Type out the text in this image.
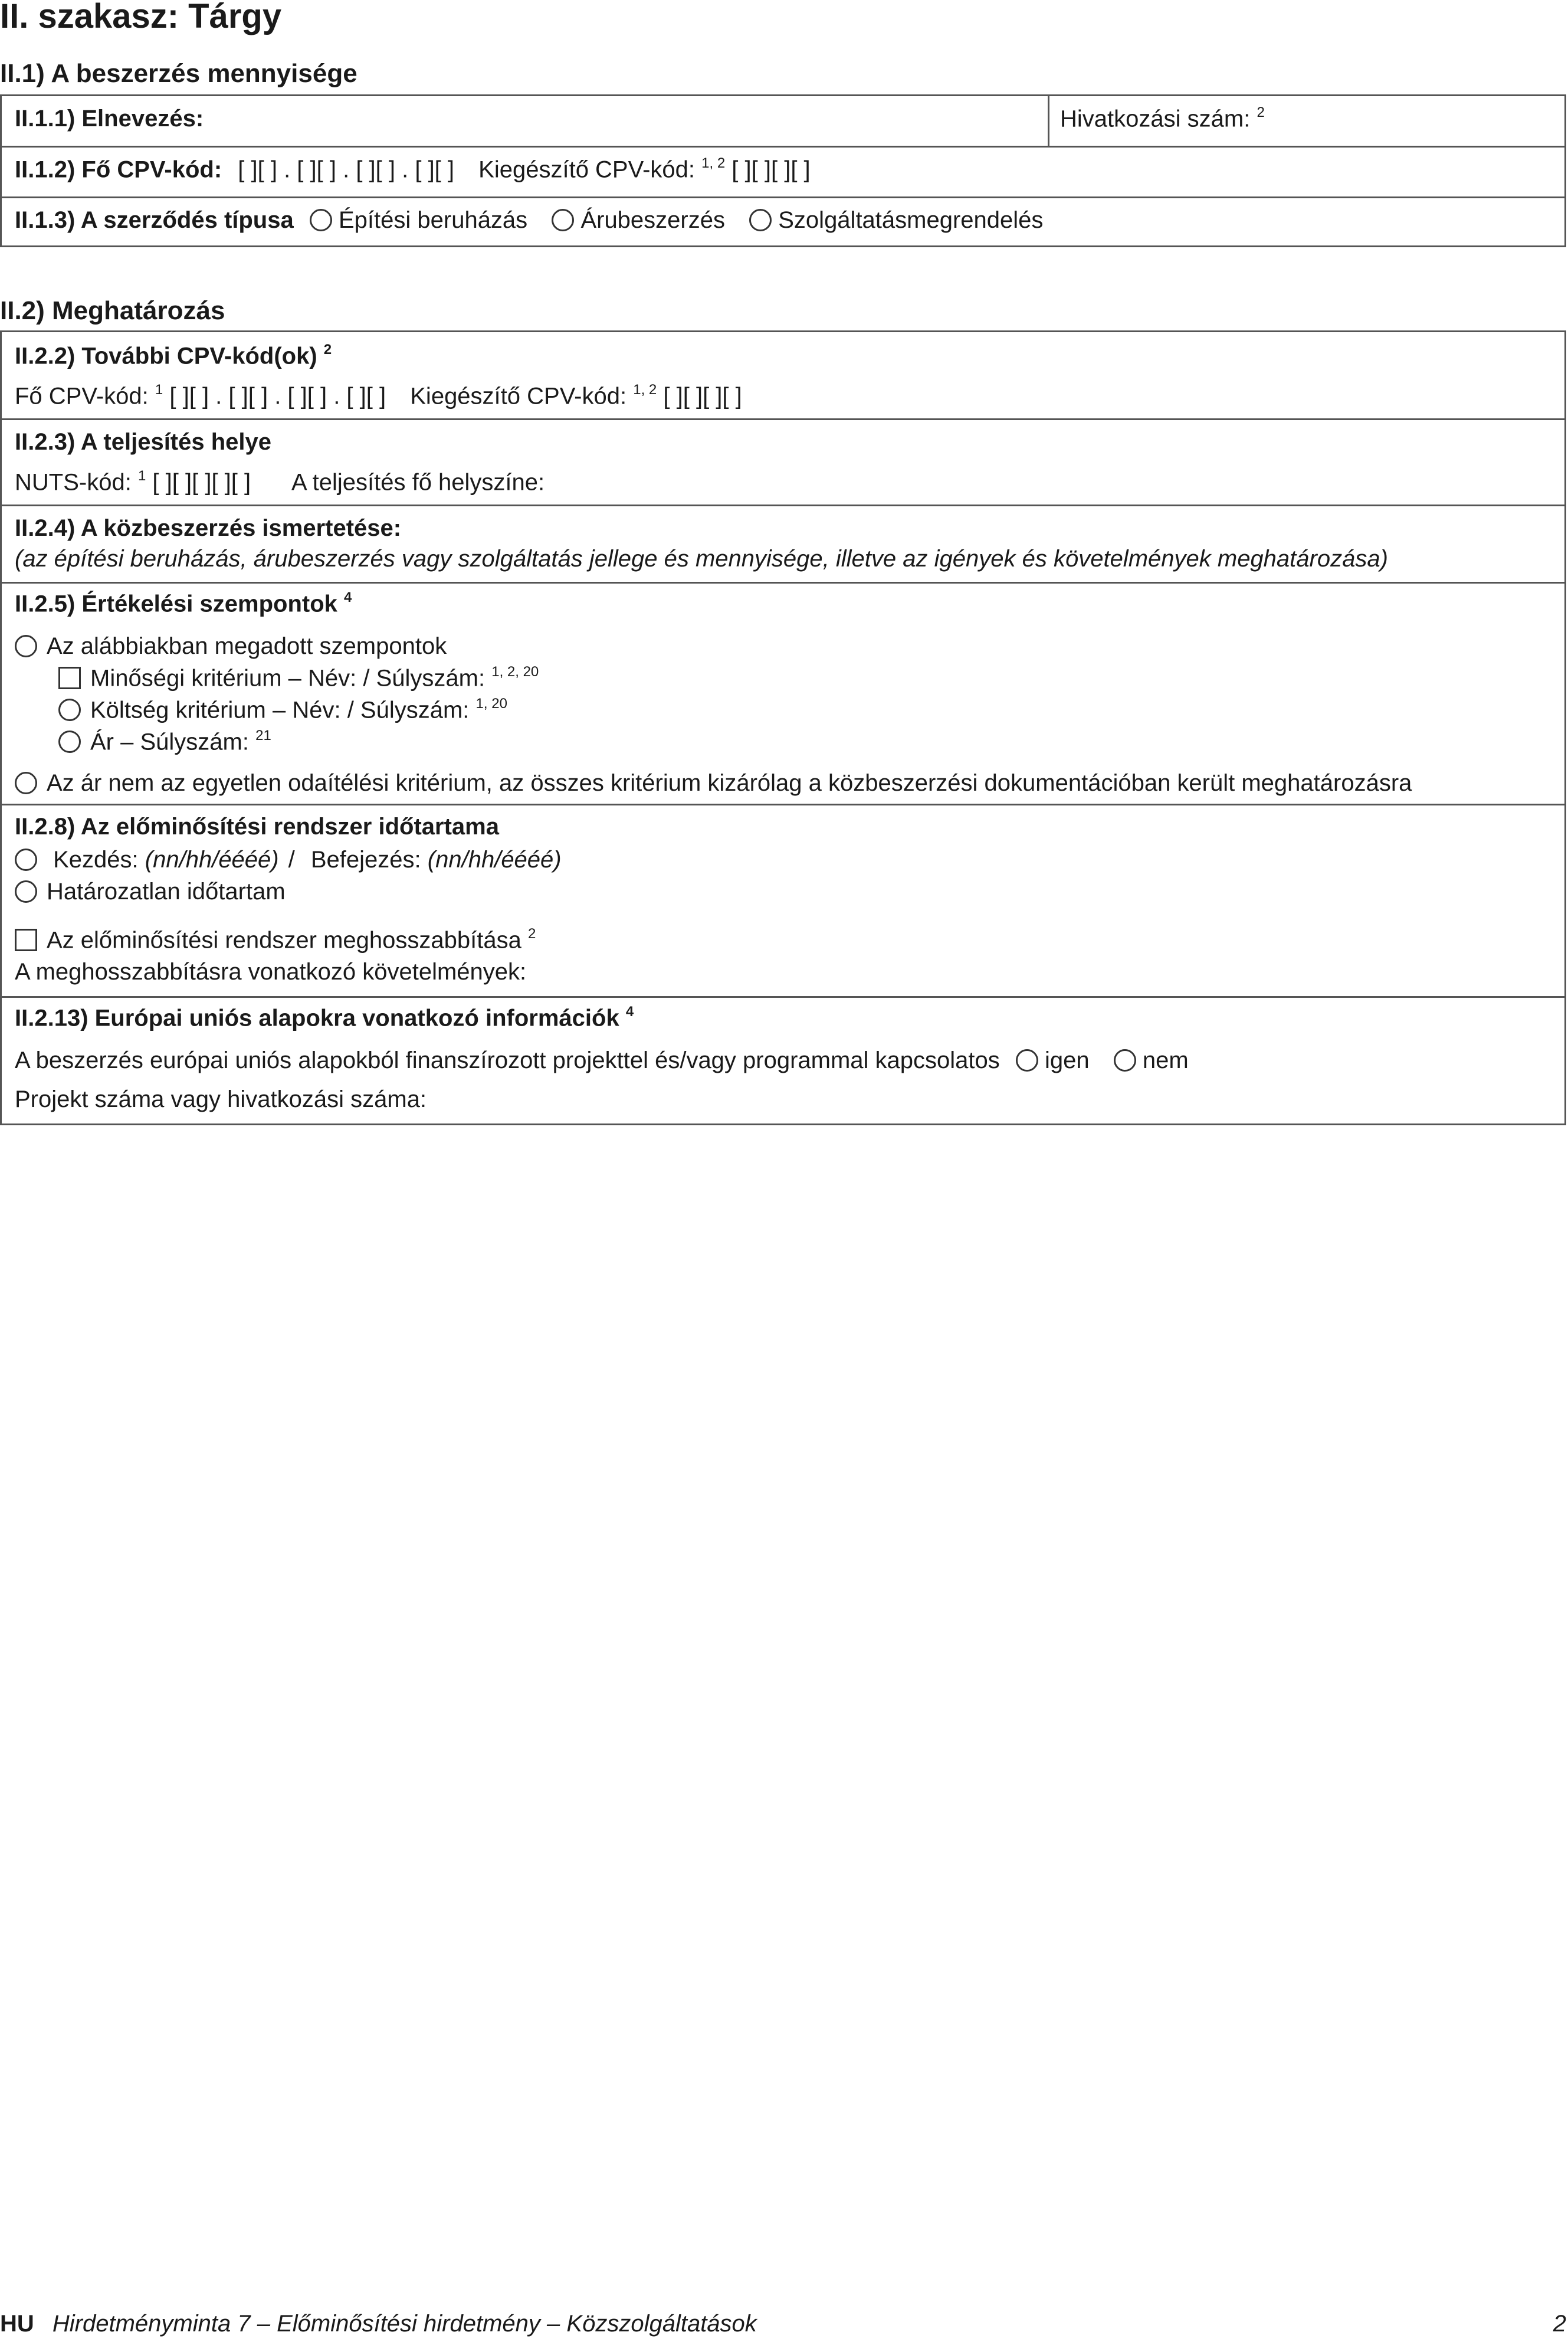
II. szakasz: Tárgy
II.1) A beszerzés mennyisége
II.1.1) Elnevezés:	Hivatkozási szám: $^2$
II.1.2) Fő CPV-kód: [ ][ ] . [ ][ ] . [ ][ ] . [ ][ ] Kiegészítő CPV-kód: $^{1, 2}$ [ ][ ][ ][ ]
II.1.3) A szerződés típusa Építési beruházás Árubeszerzés Szolgáltatásmegrendelés
II.2) Meghatározás
II.2.2) További CPV-kód(ok) $^2$
Fő CPV-kód: $^1$ [ ][ ] . [ ][ ] . [ ][ ] . [ ][ ] Kiegészítő CPV-kód: $^{1, 2}$ [ ][ ][ ][ ]
II.2.3) A teljesítés helye
NUTS-kód: $^1$ [ ][ ][ ][ ][ ] A teljesítés fő helyszíne:
II.2.4) A közbeszerzés ismertetése:
(az építési beruházás, árubeszerzés vagy szolgáltatás jellege és mennyisége, illetve az igények és követelmények meghatározása)
II.2.5) Értékelési szempontok $^4$
Az alábbiakban megadott szempontok
Minőségi kritérium – Név: / Súlyszám: $^{1, 2, 20}$
Költség kritérium – Név: / Súlyszám: $^{1, 20}$
Ár – Súlyszám: $^{21}$
Az ár nem az egyetlen odaítélési kritérium, az összes kritérium kizárólag a közbeszerzési dokumentációban került meghatározásra
II.2.8) Az előminősítési rendszer időtartama
Kezdés: (nn/hh/éééé) / Befejezés: (nn/hh/éééé)
Határozatlan időtartam
Az előminősítési rendszer meghosszabbítása $^2$
A meghosszabbításra vonatkozó követelmények:
II.2.13) Európai uniós alapokra vonatkozó információk $^4$
A beszerzés európai uniós alapokból finanszírozott projekttel és/vagy programmal kapcsolatos igen nem
Projekt száma vagy hivatkozási száma:
HU Hirdetményminta 7 – Előminősítési hirdetmény – Közszolgáltatások	2
